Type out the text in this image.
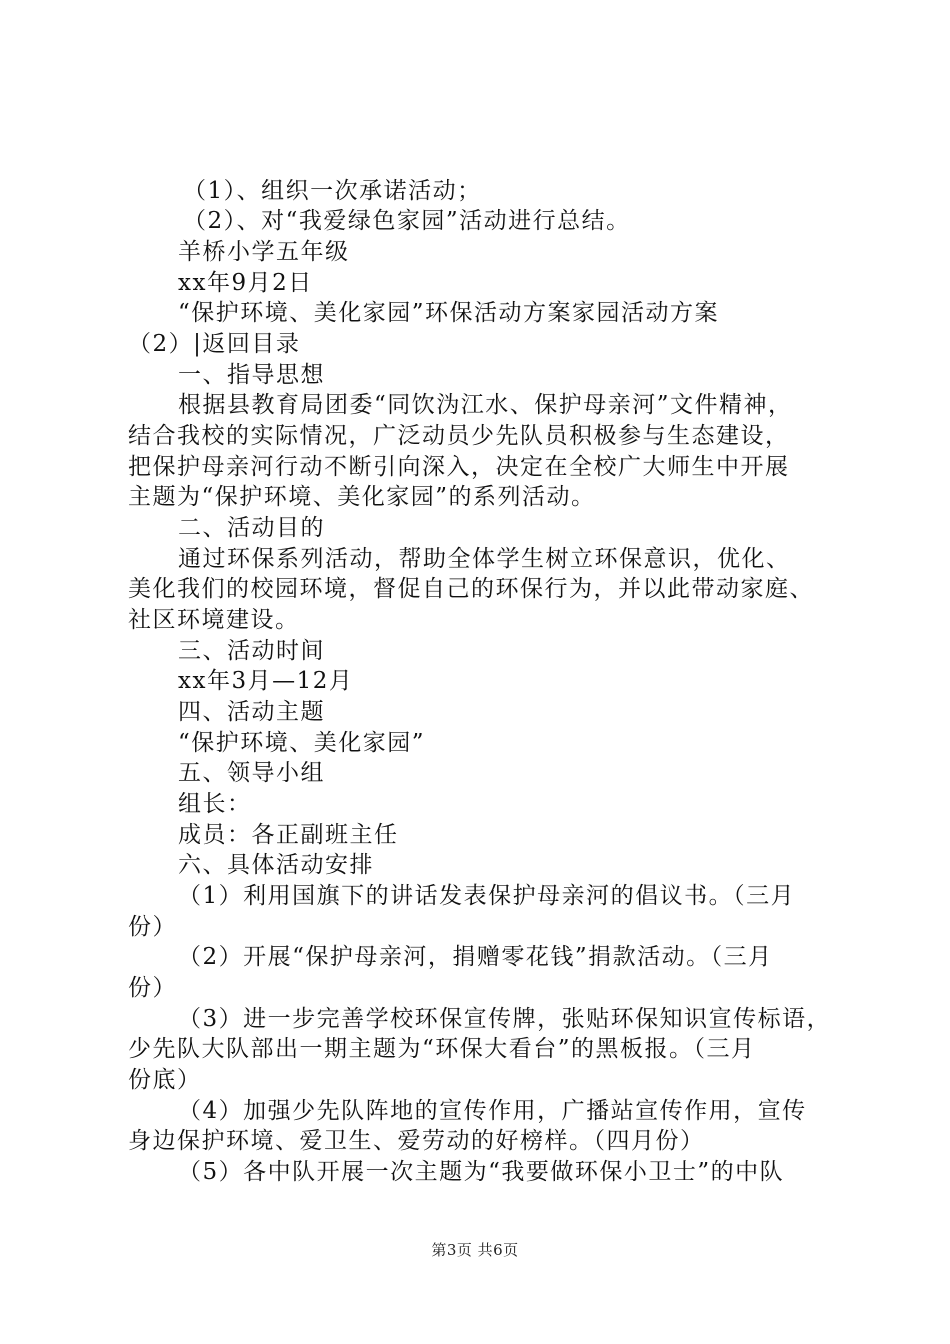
　（1）、组织一次承诺活动；
　（2）、对“我爱绿色家园”活动进行总结。
羊桥小学五年级
xx年9月2日
“保护环境、美化家园”环保活动方案家园活动方案
（2）|返回目录
一、指导思想
根据县教育局团委“同饮沩江水、保护母亲河”文件精神，
结合我校的实际情况，广泛动员少先队员积极参与生态建设，
把保护母亲河行动不断引向深入，决定在全校广大师生中开展
主题为“保护环境、美化家园”的系列活动。
二、活动目的
通过环保系列活动，帮助全体学生树立环保意识，优化、
美化我们的校园环境，督促自己的环保行为，并以此带动家庭、
社区环境建设。
三、活动时间
xx年3月—12月
四、活动主题
“保护环境、美化家园”
五、领导小组
组长：
成员：各正副班主任
六、具体活动安排
（1）利用国旗下的讲话发表保护母亲河的倡议书。（三月
份）
（2）开展“保护母亲河，捐赠零花钱”捐款活动。（三月
份）
（3）进一步完善学校环保宣传牌，张贴环保知识宣传标语，
少先队大队部出一期主题为“环保大看台”的黑板报。（三月
份底）
（4）加强少先队阵地的宣传作用，广播站宣传作用，宣传
身边保护环境、爱卫生、爱劳动的好榜样。（四月份）
（5）各中队开展一次主题为“我要做环保小卫士”的中队
第3页 共6页
